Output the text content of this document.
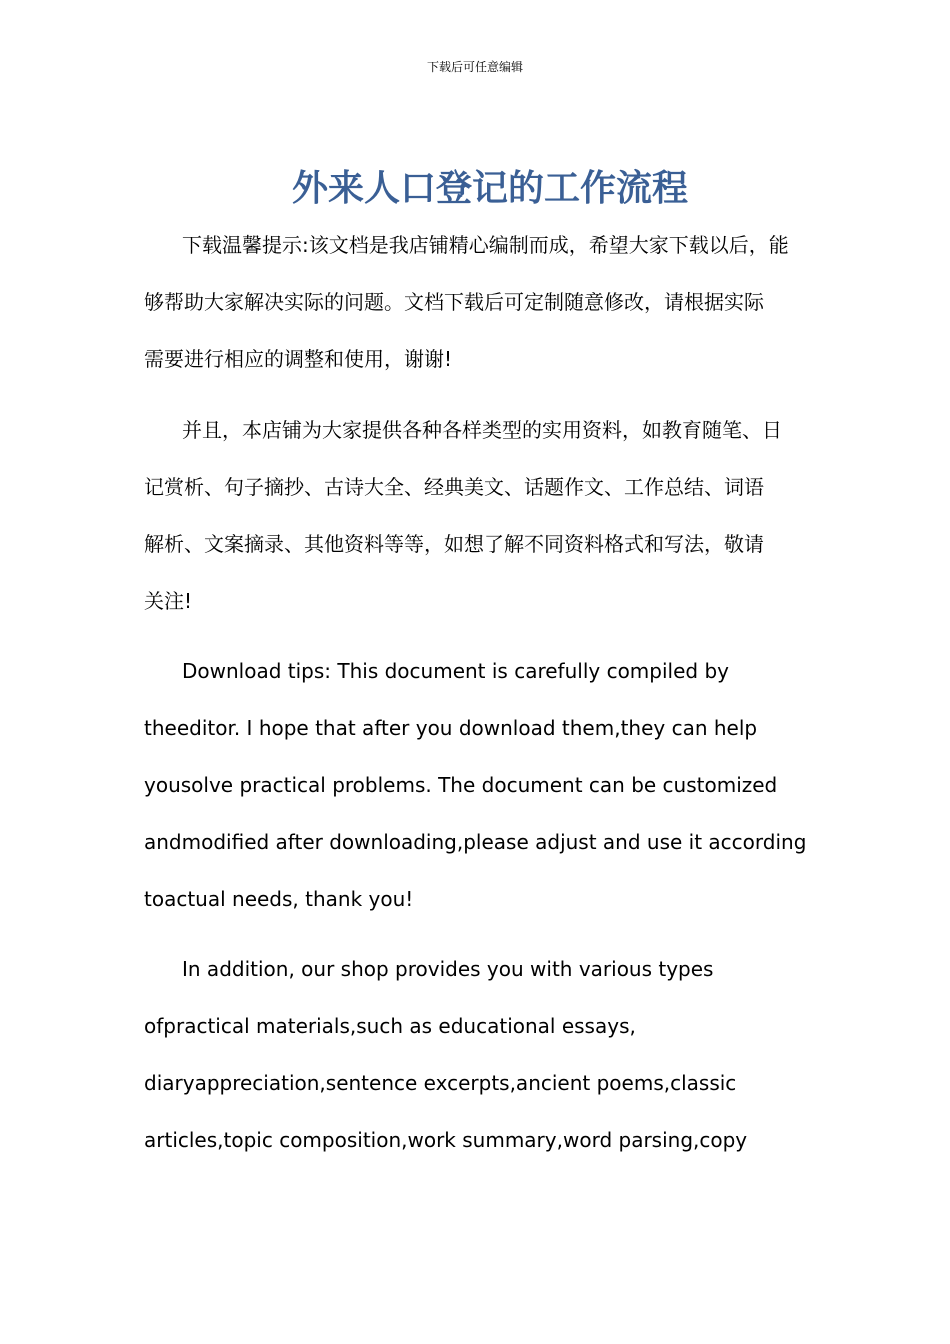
下载后可任意编辑
外来人口登记的工作流程
下载温馨提示:该文档是我店铺精心编制而成，希望大家下载以后，能
够帮助大家解决实际的问题。文档下载后可定制随意修改，请根据实际
需要进行相应的调整和使用，谢谢!
并且，本店铺为大家提供各种各样类型的实用资料，如教育随笔、日
记赏析、句子摘抄、古诗大全、经典美文、话题作文、工作总结、词语
解析、文案摘录、其他资料等等，如想了解不同资料格式和写法，敬请
关注!
Download tips: This document is carefully compiled by
theeditor. I hope that after you download them,they can help
yousolve practical problems. The document can be customized
andmodified after downloading,please adjust and use it according
toactual needs, thank you!
In addition, our shop provides you with various types
ofpractical materials,such as educational essays,
diaryappreciation,sentence excerpts,ancient poems,classic
articles,topic composition,work summary,word parsing,copy
